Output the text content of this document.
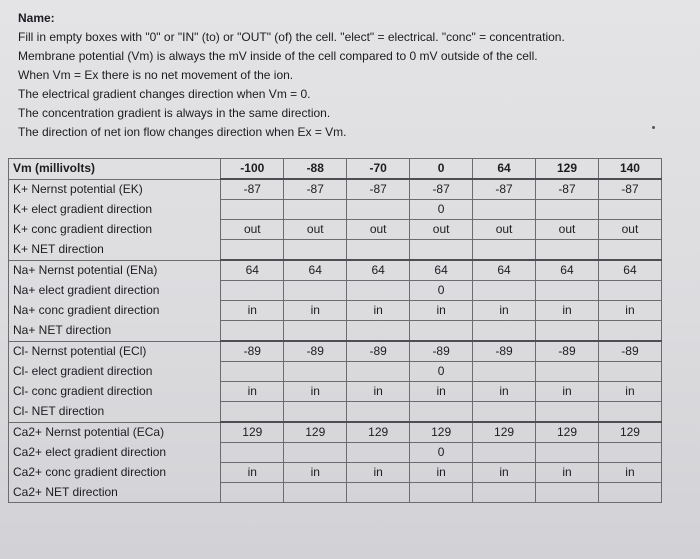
Name:
Fill in empty boxes with "0" or "IN" (to) or "OUT" (of) the cell. "elect" = electrical. "conc" = concentration.
Membrane potential (Vm) is always the mV inside of the cell compared to 0 mV outside of the cell.
When Vm = Ex there is no net movement of the ion.
The electrical gradient changes direction when Vm = 0.
The concentration gradient is always in the same direction.
The direction of net ion flow changes direction when Ex = Vm.
Vm (millivolts)	-100	-88	-70	0	64	129	140
K+ Nernst potential (EK)	-87	-87	-87	-87	-87	-87	-87
K+ elect gradient direction				0			
K+ conc gradient direction	out	out	out	out	out	out	out
K+ NET direction							
Na+ Nernst potential (ENa)	64	64	64	64	64	64	64
Na+ elect gradient direction				0			
Na+ conc gradient direction	in	in	in	in	in	in	in
Na+ NET direction							
Cl- Nernst potential (ECl)	-89	-89	-89	-89	-89	-89	-89
Cl- elect gradient direction				0			
Cl- conc gradient direction	in	in	in	in	in	in	in
Cl- NET direction							
Ca2+ Nernst potential (ECa)	129	129	129	129	129	129	129
Ca2+ elect gradient direction				0			
Ca2+ conc gradient direction	in	in	in	in	in	in	in
Ca2+ NET direction							
